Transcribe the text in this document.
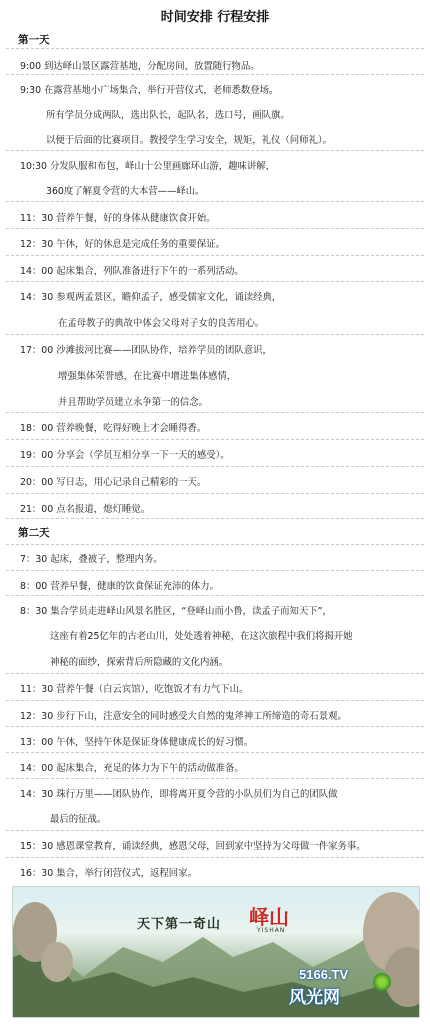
时间安排 行程安排
第一天
9:00 到达峄山景区露营基地，分配房间，放置随行物品。
9:30 在露营基地小广场集合，举行开营仪式，老师悉数登场。
所有学员分成两队，选出队长，起队名，选口号，画队旗。
以便于后面的比赛项目。教授学生学习安全，规矩，礼仪（问师礼）。
10:30 分发队服和布包，峄山十公里画廊环山游，趣味讲解，
360度了解夏令营的大本营——峄山。
11：30 营养午餐，好的身体从健康饮食开始。
12：30 午休，好的休息是完成任务的重要保证。
14：00 起床集合，列队准备进行下午的一系列活动。
14：30 参观两孟景区，瞻仰孟子，感受儒家文化，诵读经典，
在孟母教子的典故中体会父母对子女的良苦用心。
17：00 沙滩拔河比赛——团队协作，培养学员的团队意识，
增强集体荣誉感，在比赛中增进集体感情，
并且帮助学员建立永争第一的信念。
18：00 营养晚餐，吃得好晚上才会睡得香。
19：00 分享会（学员互相分享一下一天的感受）。
20：00 写日志，用心记录自己精彩的一天。
21：00 点名报道，熄灯睡觉。
第二天
7：30 起床，叠被子，整理内务。
8：00 营养早餐，健康的饮食保证充沛的体力。
8：30 集合学员走进峄山风景名胜区，“登峄山而小鲁，读孟子而知天下”，
这座有着25亿年的古老山川，处处透着神秘，在这次旅程中我们将揭开她
神秘的面纱，探索背后所隐藏的文化内涵。
11：30 营养午餐（白云宾馆），吃饱饭才有力气下山。
12：30 步行下山，注意安全的同时感受大自然的鬼斧神工所缔造的奇石景观。
13：00 午休，坚持午休是保证身体健康成长的好习惯。
14：00 起床集合，充足的体力为下午的活动做准备。
14：30 珠行万里——团队协作，即将离开夏令营的小队员们为自己的团队做
最后的征战。
15：30 感恩课堂教育，诵读经典，感恩父母，回到家中坚持为父母做一件家务事。
16：30 集合，举行闭营仪式，返程回家。
天下第一奇山 峄山
YISHAN
5166.TV
风光网
